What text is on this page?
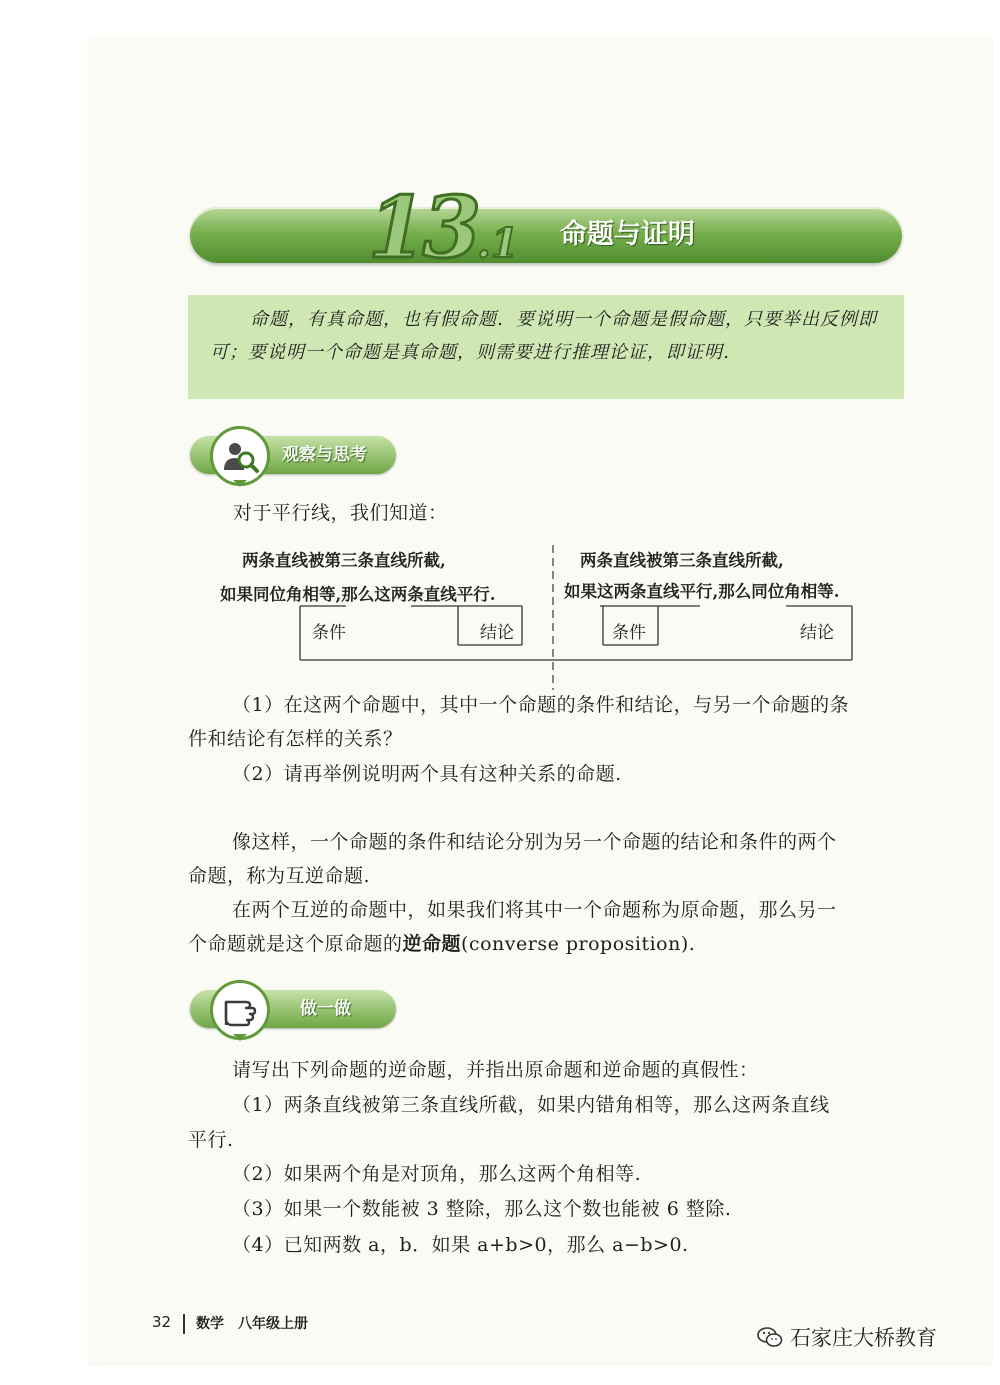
13.1 命题与证明
命题，有真命题，也有假命题．要说明一个命题是假命题，只要举出反例即可；要说明一个命题是真命题，则需要进行推理论证，即证明．
观察与思考
对于平行线，我们知道：
两条直线被第三条直线所截,
如果同位角相等,那么这两条直线平行.
两条直线被第三条直线所截,
如果这两条直线平行,那么同位角相等.
条件	结论	条件	结论
（1）在这两个命题中，其中一个命题的条件和结论，与另一个命题的条
件和结论有怎样的关系？
（2）请再举例说明两个具有这种关系的命题.
像这样，一个命题的条件和结论分别为另一个命题的结论和条件的两个
命题，称为互逆命题.
在两个互逆的命题中，如果我们将其中一个命题称为原命题，那么另一
个命题就是这个原命题的逆命题(converse proposition).
做一做
请写出下列命题的逆命题，并指出原命题和逆命题的真假性：
（1）两条直线被第三条直线所截，如果内错角相等，那么这两条直线
平行.
（2）如果两个角是对顶角，那么这两个角相等.
（3）如果一个数能被 3 整除，那么这个数也能被 6 整除.
（4）已知两数 a，b．如果 a+b>0，那么 a−b>0.
32 数学　八年级上册
石家庄大桥教育
